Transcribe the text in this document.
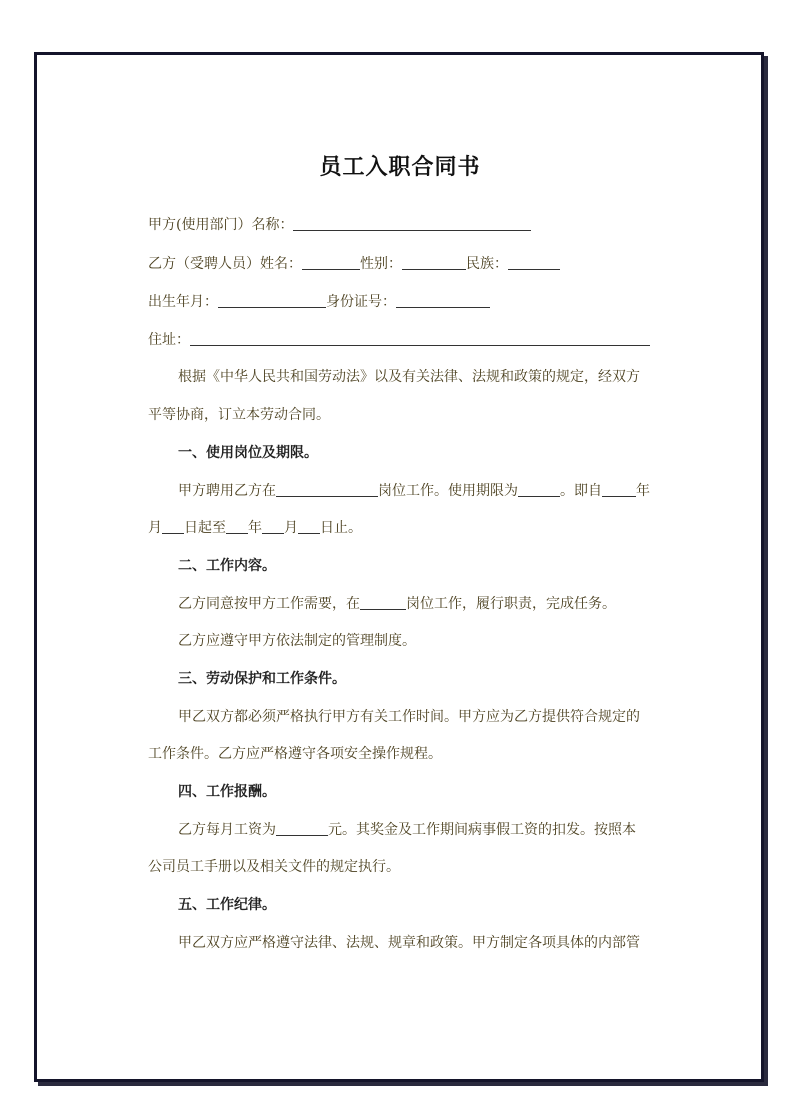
员工入职合同书
甲方(使用部门）名称：
乙方（受聘人员）姓名：	性别：	民族：
出生年月：	身份证号：
住址：
根据《中华人民共和国劳动法》以及有关法律、法规和政策的规定，经双方
平等协商，订立本劳动合同。
一、使用岗位及期限。
甲方聘用乙方在	岗位工作。使用期限为	。即自 年
月 日起至 年 月 日止。
二、工作内容。
乙方同意按甲方工作需要，在	岗位工作，履行职责，完成任务。
乙方应遵守甲方依法制定的管理制度。
三、劳动保护和工作条件。
甲乙双方都必须严格执行甲方有关工作时间。甲方应为乙方提供符合规定的
工作条件。乙方应严格遵守各项安全操作规程。
四、工作报酬。
乙方每月工资为	元。其奖金及工作期间病事假工资的扣发。按照本
公司员工手册以及相关文件的规定执行。
五、工作纪律。
甲乙双方应严格遵守法律、法规、规章和政策。甲方制定各项具体的内部管
